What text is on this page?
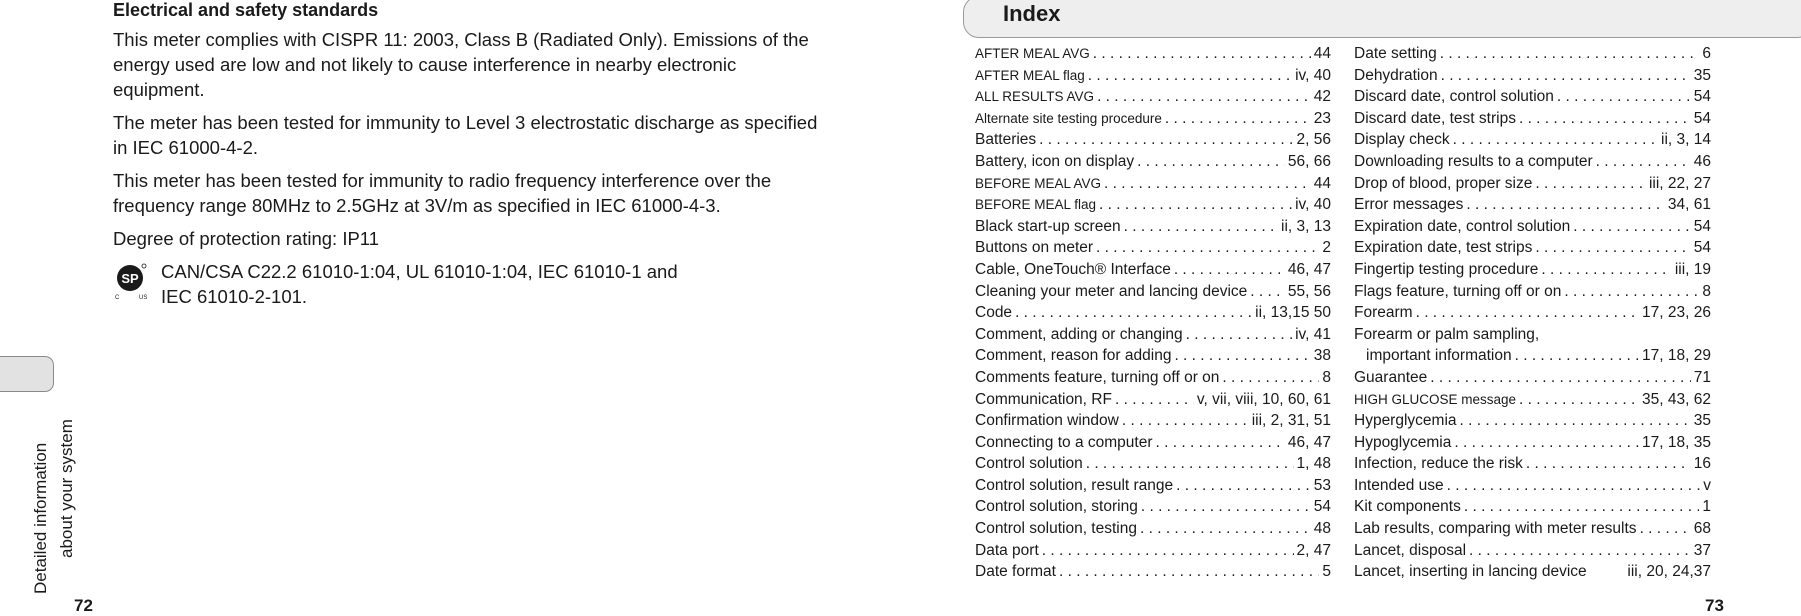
Detailed information about your system
Electrical and safety standards

This meter complies with CISPR 11: 2003, Class B (Radiated Only). Emissions of the energy used are low and not likely to cause interference in nearby electronic equipment.

The meter has been tested for immunity to Level 3 electrostatic discharge as specified in IEC 61000-4-2.

This meter has been tested for immunity to radio frequency interference over the frequency range 80MHz to 2.5GHz at 3V/m as specified in IEC 61000-4-3.

Degree of protection rating: IP11

SP
C	US
CAN/CSA C22.2 61010-1:04, UL 61010-1:04, IEC 61010-1 and
IEC 61010-2-101.
72
Index
AFTER MEAL AVG . . .	44
AFTER MEAL flag . . .	iv, 40
ALL RESULTS AVG . . .	42
Alternate site testing procedure . . .	23
Batteries . . .	2, 56
Battery, icon on display . . .	56, 66
BEFORE MEAL AVG . . .	44
BEFORE MEAL flag . . .	iv, 40
Black start-up screen . . .	ii, 3, 13
Buttons on meter . . .	2
Cable, OneTouch® Interface . . .	46, 47
Cleaning your meter and lancing device . . .	55, 56
Code . . .	ii, 13,15 50
Comment, adding or changing . . .	iv, 41
Comment, reason for adding . . .	38
Comments feature, turning off or on . . .	8
Communication, RF . . .	v, vii, viii, 10, 60, 61
Confirmation window . . .	iii, 2, 31, 51
Connecting to a computer . . .	46, 47
Control solution . . .	1, 48
Control solution, result range . . .	53
Control solution, storing . . .	54
Control solution, testing . . .	48
Data port . . .	2, 47
Date format . . .	5
Date setting . . .	6
Dehydration . . .	35
Discard date, control solution . . .	54
Discard date, test strips . . .	54
Display check . . .	ii, 3, 14
Downloading results to a computer . . .	46
Drop of blood, proper size . . .	iii, 22, 27
Error messages . . .	34, 61
Expiration date, control solution . . .	54
Expiration date, test strips . . .	54
Fingertip testing procedure . . .	iii, 19
Flags feature, turning off or on . . .	8
Forearm . . .	17, 23, 26
Forearm or palm sampling,
important information . . .	17, 18, 29
Guarantee . . .	71
HIGH GLUCOSE message . . .	35, 43, 62
Hyperglycemia . . .	35
Hypoglycemia . . .	17, 18, 35
Infection, reduce the risk . . .	16
Intended use . . .	v
Kit components . . .	1
Lab results, comparing with meter results . . .	68
Lancet, disposal . . .	37
Lancet, inserting in lancing device	iii, 20, 24,37
73
